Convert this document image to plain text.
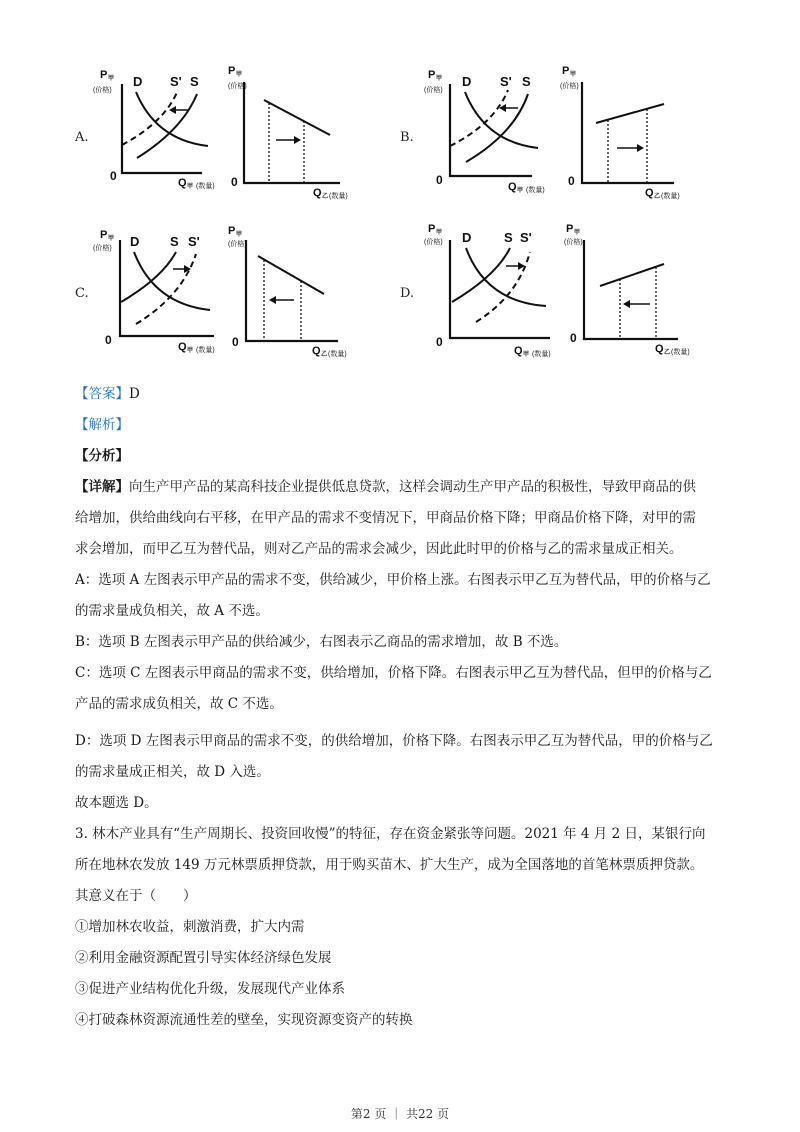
A.	B.
C.	D.
P 甲
(价格)
0	Q 甲 (数量)
D S' S
P 甲
(价格)
0
Q 乙 (数量)
P 甲
(价格)
0	Q 甲 (数量)
D S' S
P 甲
(价格)
0
Q 乙 (数量)
P 甲
(价格)
0	Q 甲 (数量)
D S S'
P 甲
(价格)
0
Q 乙 (数量)
P 甲
(价格)
0
Q 甲 (数量)
D	S S'
P 甲
(价格)
0
Q 乙 (数量)
【答案】D
【解析】
【分析】
【详解】向生产甲产品的某高科技企业提供低息贷款，这样会调动生产甲产品的积极性，导致甲商品的供
给增加，供给曲线向右平移，在甲产品的需求不变情况下，甲商品价格下降；甲商品价格下降，对甲的需
求会增加，而甲乙互为替代品，则对乙产品的需求会减少，因此此时甲的价格与乙的需求量成正相关。
A：选项 A 左图表示甲产品的需求不变，供给减少，甲价格上涨。右图表示甲乙互为替代品，甲的价格与乙
的需求量成负相关，故 A 不选。
B：选项 B 左图表示甲产品的供给减少，右图表示乙商品的需求增加，故 B 不选。
C：选项 C 左图表示甲商品的需求不变，供给增加，价格下降。右图表示甲乙互为替代品，但甲的价格与乙
产品的需求成负相关，故 C 不选。
D：选项 D 左图表示甲商品的需求不变，的供给增加，价格下降。右图表示甲乙互为替代品，甲的价格与乙
的需求量成正相关，故 D 入选。
故本题选 D。
3. 林木产业具有“生产周期长、投资回收慢”的特征，存在资金紧张等问题。2021 年 4 月 2 日，某银行向
所在地林农发放 149 万元林票质押贷款，用于购买苗木、扩大生产，成为全国落地的首笔林票质押贷款。
其意义在于（　　）
①增加林农收益，刺激消费，扩大内需
②利用金融资源配置引导实体经济绿色发展
③促进产业结构优化升级，发展现代产业体系
④打破森林资源流通性差的壁垒，实现资源变资产的转换
第2 页 ｜ 共22 页
